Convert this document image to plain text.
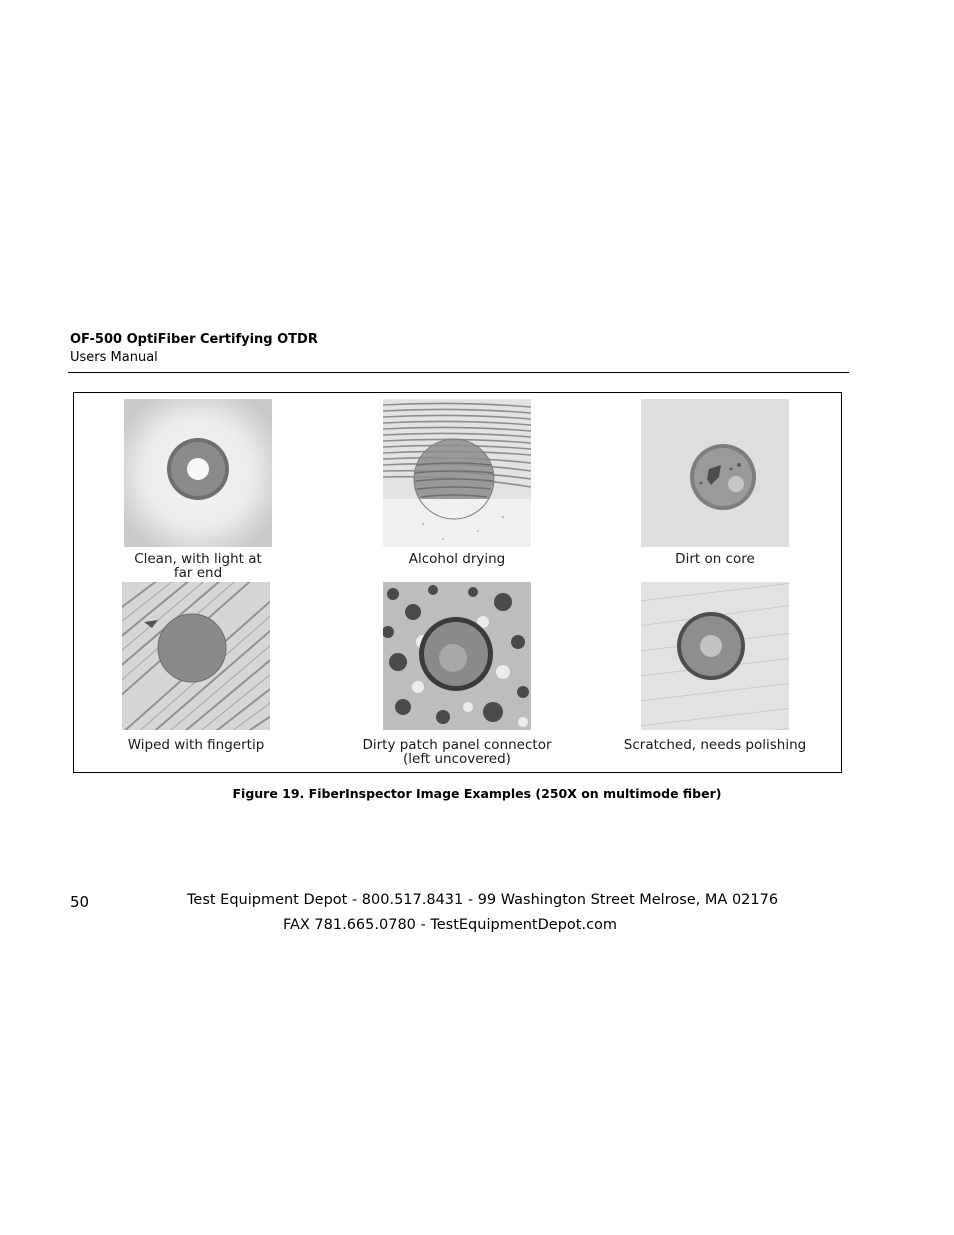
OF-500 OptiFiber Certifying OTDR
Users Manual
Clean, with light at
far end
Alcohol drying	Dirt on core
Wiped with fingertip	Dirty patch panel connector
(left uncovered)
Scratched, needs polishing
Figure 19. FiberInspector Image Examples (250X on multimode fiber)
50	Test Equipment Depot - 800.517.8431 - 99 Washington Street Melrose, MA 02176
FAX 781.665.0780 - TestEquipmentDepot.com
